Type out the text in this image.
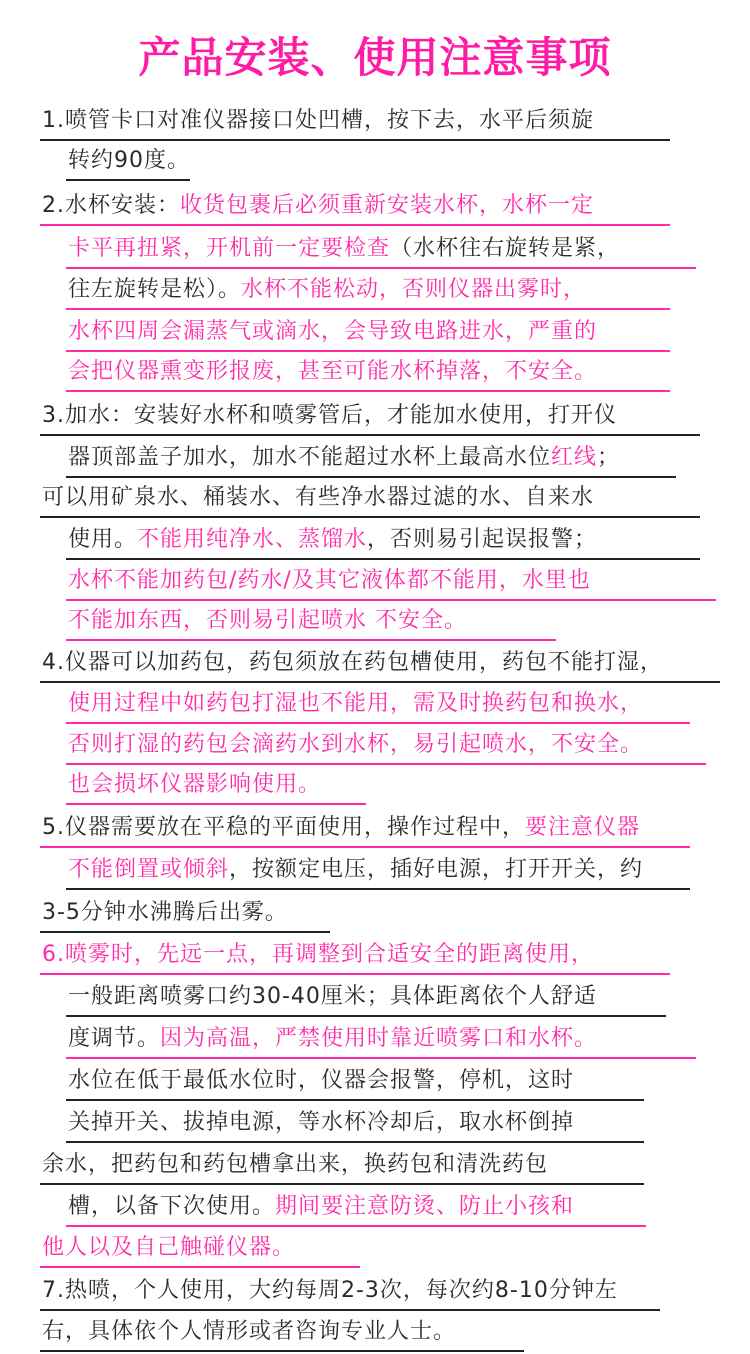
产品安装、使用注意事项
1.喷管卡口对准仪器接口处凹槽，按下去，水平后须旋
转约90度。
2.水杯安装：收货包裹后必须重新安装水杯，水杯一定
卡平再扭紧，开机前一定要检查（水杯往右旋转是紧，
往左旋转是松）。水杯不能松动，否则仪器出雾时，
水杯四周会漏蒸气或滴水，会导致电路进水，严重的
会把仪器熏变形报废，甚至可能水杯掉落，不安全。
3.加水：安装好水杯和喷雾管后，才能加水使用，打开仪
器顶部盖子加水，加水不能超过水杯上最高水位红线；
可以用矿泉水、桶装水、有些净水器过滤的水、自来水
使用。不能用纯净水、蒸馏水，否则易引起误报警；
水杯不能加药包/药水/及其它液体都不能用，水里也
不能加东西，否则易引起喷水 不安全。
4.仪器可以加药包，药包须放在药包槽使用，药包不能打湿，
使用过程中如药包打湿也不能用，需及时换药包和换水，
否则打湿的药包会滴药水到水杯，易引起喷水，不安全。
也会损坏仪器影响使用。
5.仪器需要放在平稳的平面使用，操作过程中，要注意仪器
不能倒置或倾斜，按额定电压，插好电源，打开开关，约
3-5分钟水沸腾后出雾。
6.喷雾时，先远一点，再调整到合适安全的距离使用，
一般距离喷雾口约30-40厘米；具体距离依个人舒适
度调节。因为高温，严禁使用时靠近喷雾口和水杯。
水位在低于最低水位时，仪器会报警，停机，这时
关掉开关、拔掉电源，等水杯冷却后，取水杯倒掉
余水，把药包和药包槽拿出来，换药包和清洗药包
槽，以备下次使用。期间要注意防烫、防止小孩和
他人以及自己触碰仪器。
7.热喷，个人使用，大约每周2-3次，每次约8-10分钟左
右，具体依个人情形或者咨询专业人士。
